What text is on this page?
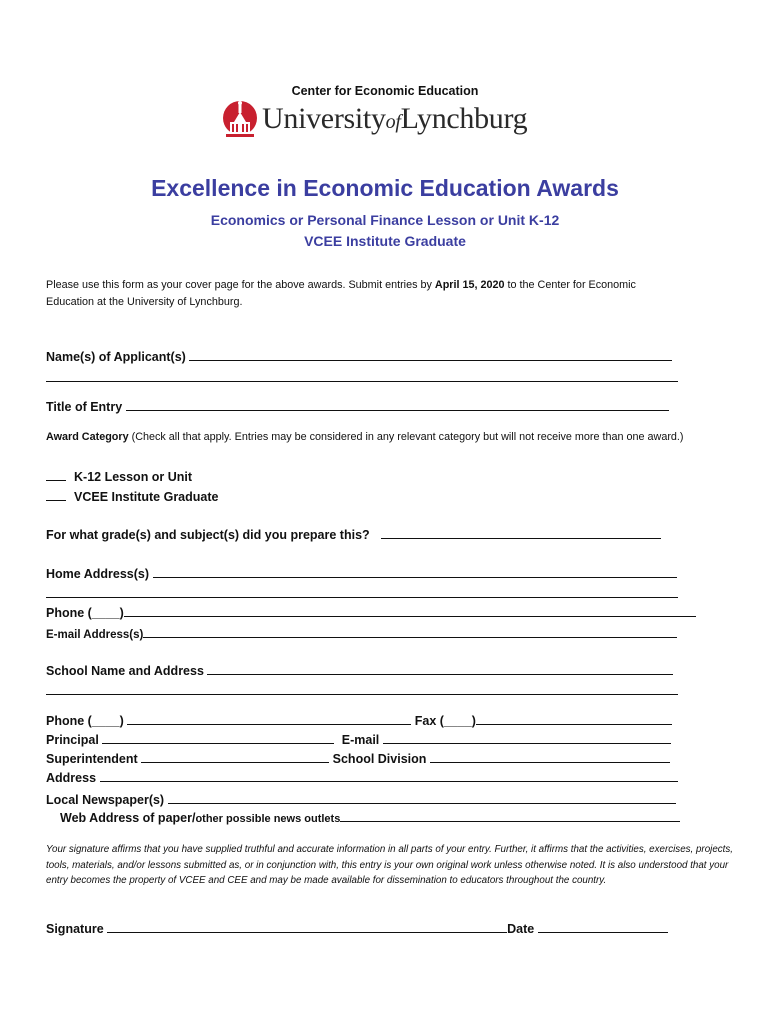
Center for Economic Education
UniversityofLynchburg
Excellence in Economic Education Awards
Economics or Personal Finance Lesson or Unit K-12
VCEE Institute Graduate
Please use this form as your cover page for the above awards. Submit entries by April 15, 2020 to the Center for Economic Education at the University of Lynchburg.
Name(s) of Applicant(s)
Title of Entry
Award Category (Check all that apply. Entries may be considered in any relevant category but will not receive more than one award.)
K-12 Lesson or Unit
VCEE Institute Graduate
For what grade(s) and subject(s) did you prepare this?
Home Address(s)
Phone (____)
E-mail Address(s)
School Name and Address
Phone (____)	Fax (____)
Principal	E-mail
Superintendent	School Division
Address
Local Newspaper(s)
Web Address of paper/other possible news outlets
Your signature affirms that you have supplied truthful and accurate information in all parts of your entry. Further, it affirms that the activities, exercises, projects, tools, materials, and/or lessons submitted as, or in conjunction with, this entry is your own original work unless otherwise noted. It is also understood that your entry becomes the property of VCEE and CEE and may be made available for dissemination to educators throughout the country.
Signature	Date
